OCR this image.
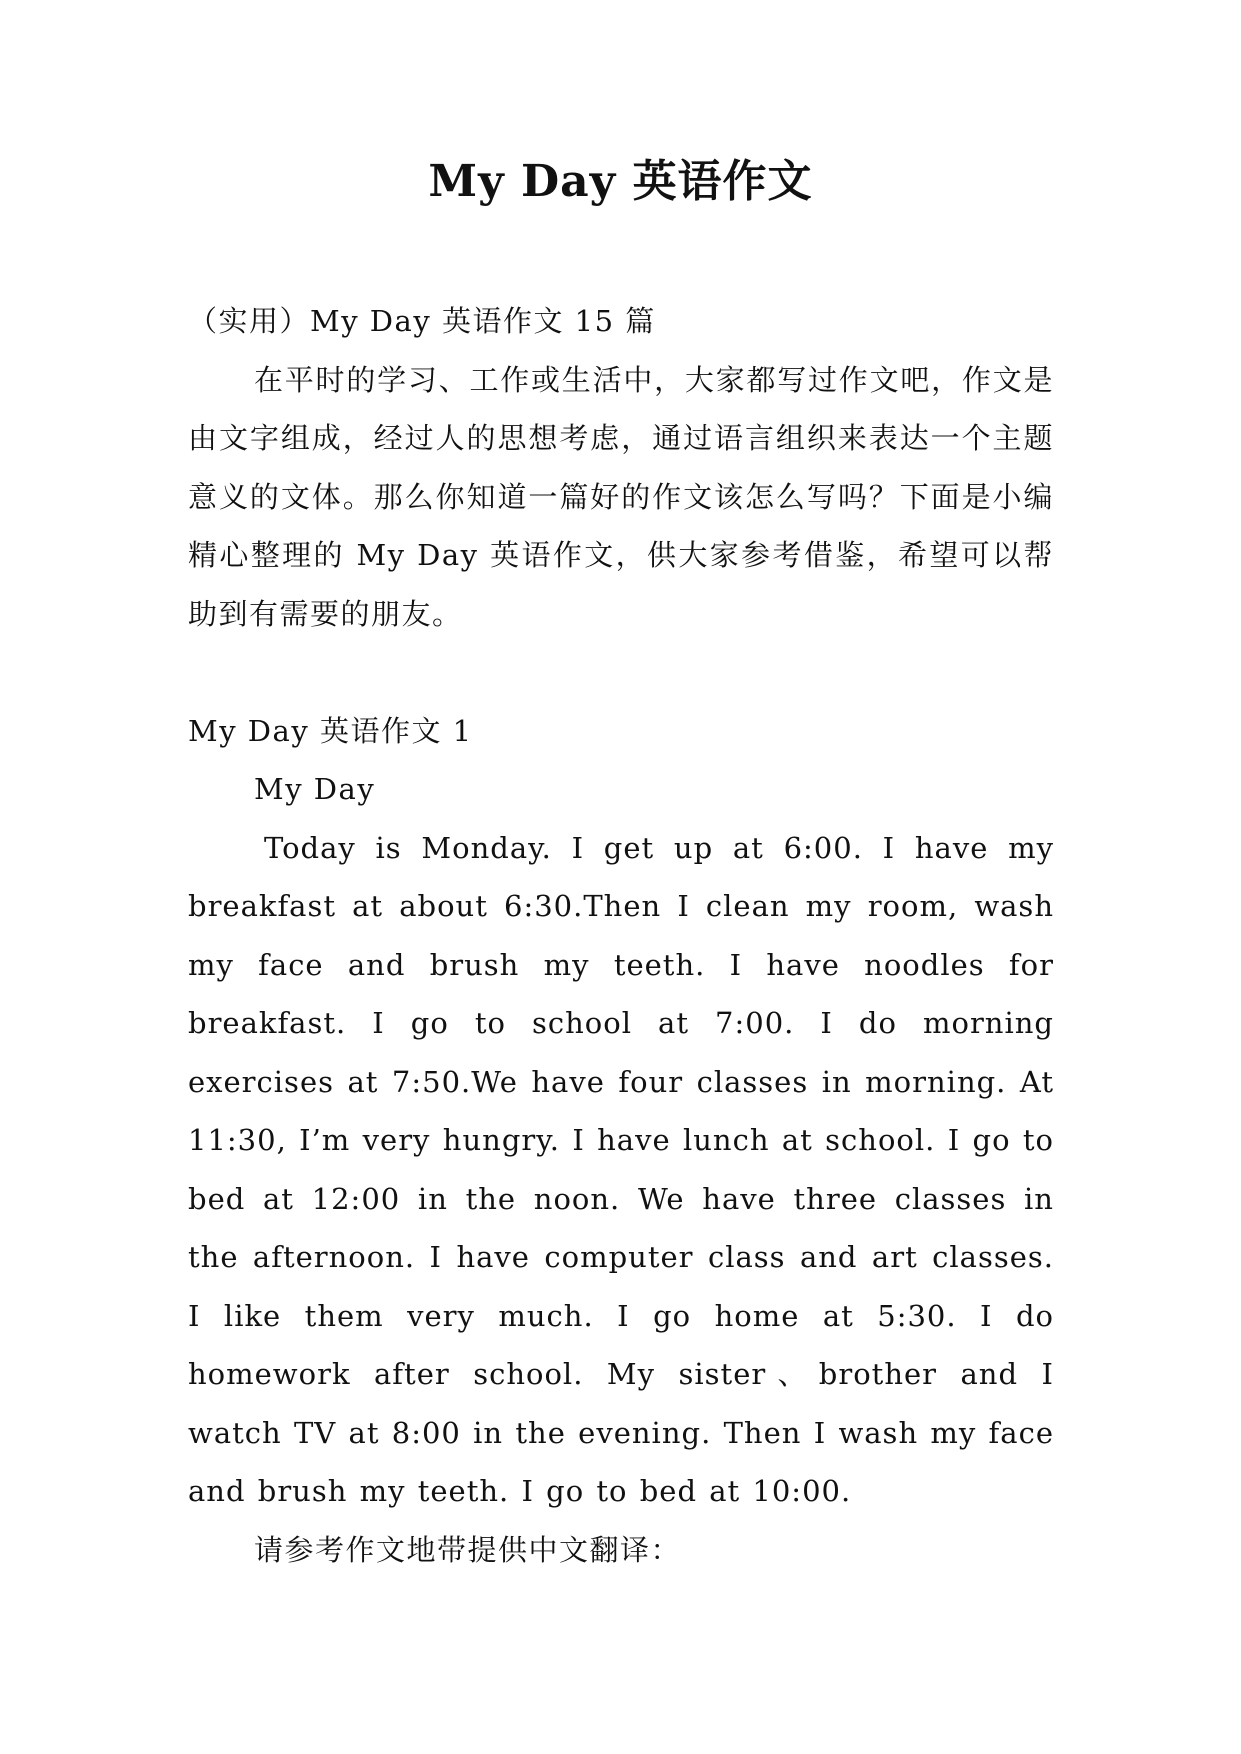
My Day 英语作文
（实用）My Day 英语作文 15 篇

在平时的学习、工作或生活中，大家都写过作文吧，作文是由文字组成，经过人的思想考虑，通过语言组织来表达一个主题意义的文体。那么你知道一篇好的作文该怎么写吗？下面是小编精心整理的 My Day 英语作文，供大家参考借鉴，希望可以帮助到有需要的朋友。

My Day 英语作文 1
My Day

Today is Monday. I get up at 6:00. I have my breakfast at about 6:30.Then I clean my room, wash my face and brush my teeth. I have noodles for breakfast. I go to school at 7:00. I do morning exercises at 7:50.We have four classes in morning. At 11:30, I’m very hungry. I have lunch at school. I go to bed at 12:00 in the noon. We have three classes in the afternoon. I have computer class and art classes. I like them very much. I go home at 5:30. I do homework after school. My sister、brother and I watch TV at 8:00 in the evening. Then I wash my face and brush my teeth. I go to bed at 10:00.

请参考作文地带提供中文翻译：
